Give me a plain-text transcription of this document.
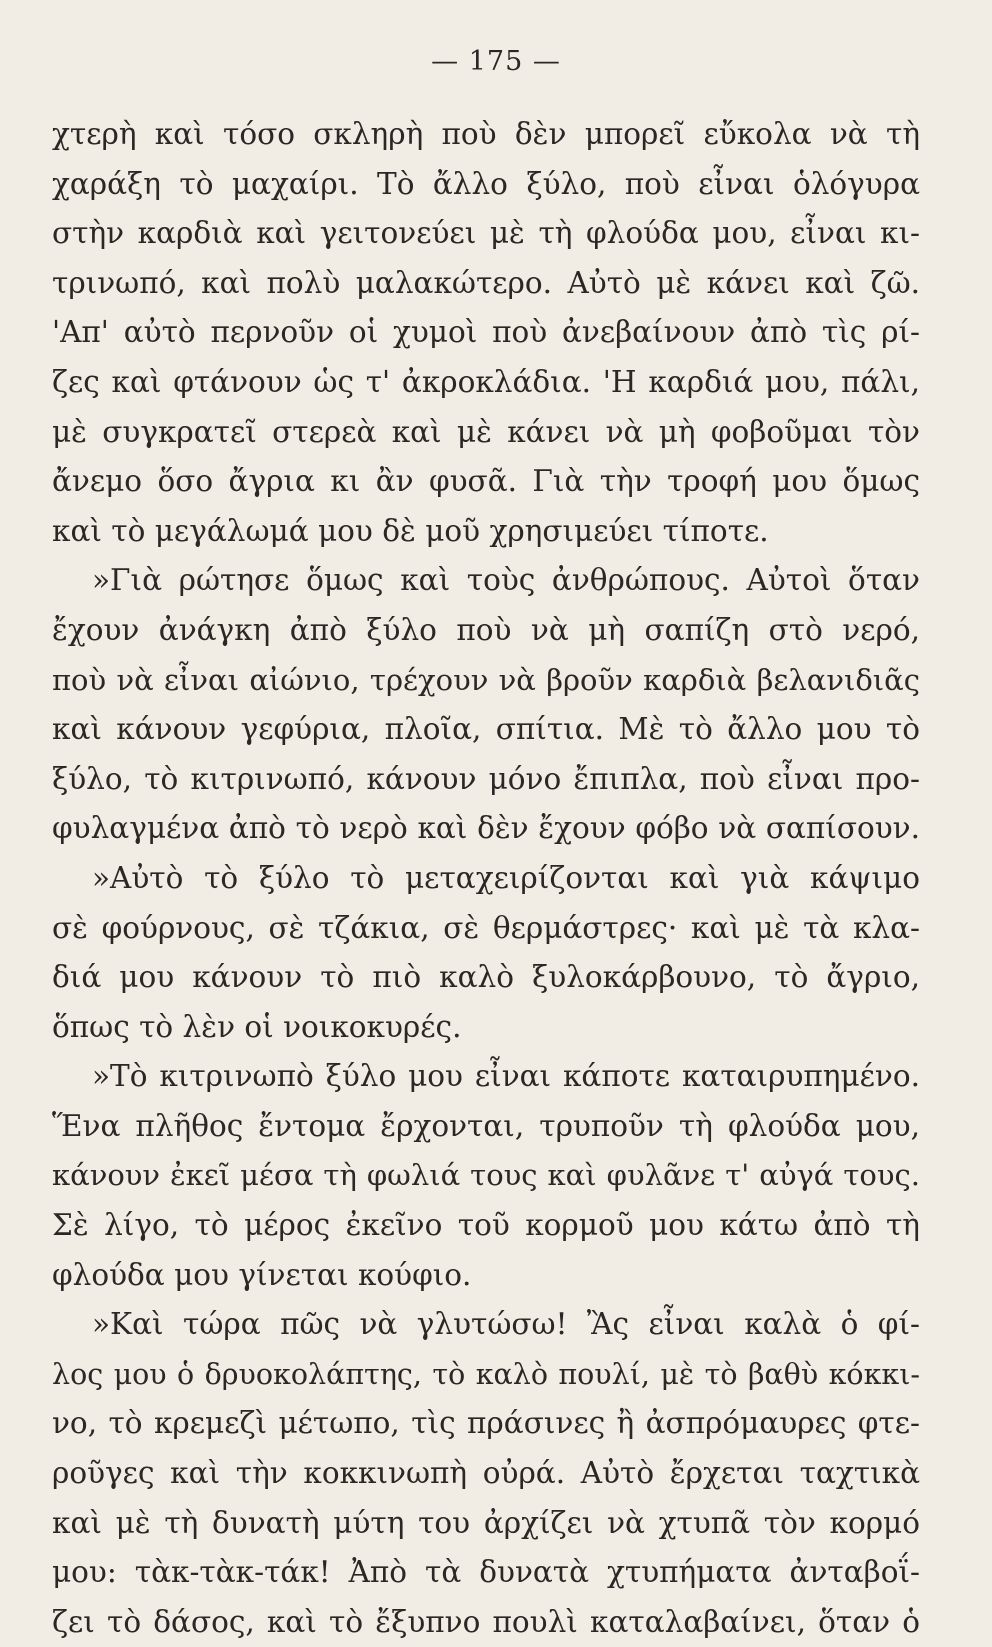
— 175 —
χτερὴ καὶ τόσο σκληρὴ ποὺ δὲν μπορεῖ εὔκολα νὰ τὴ
χαράξη τὸ μαχαίρι. Τὸ ἄλλο ξύλο, ποὺ εἶναι ὁλόγυρα
στὴν καρδιὰ καὶ γειτονεύει μὲ τὴ φλούδα μου, εἶναι κι-
τρινωπό, καὶ πολὺ μαλακώτερο. Αὐτὸ μὲ κάνει καὶ ζῶ.
'Απ' αὐτὸ περνοῦν οἱ χυμοὶ ποὺ ἀνεβαίνουν ἀπὸ τὶς ρί-
ζες καὶ φτάνουν ὡς τ' ἀκροκλάδια. 'Η καρδιά μου, πάλι,
μὲ συγκρατεῖ στερεὰ καὶ μὲ κάνει νὰ μὴ φοβοῦμαι τὸν
ἄνεμο ὅσο ἄγρια κι ἂν φυσᾶ. Γιὰ τὴν τροφή μου ὅμως
καὶ τὸ μεγάλωμά μου δὲ μοῦ χρησιμεύει τίποτε.
»Γιὰ ρώτησε ὅμως καὶ τοὺς ἀνθρώπους. Αὐτοὶ ὅταν
ἔχουν ἀνάγκη ἀπὸ ξύλο ποὺ νὰ μὴ σαπίζη στὸ νερό,
ποὺ νὰ εἶναι αἰώνιο, τρέχουν νὰ βροῦν καρδιὰ βελανιδιᾶς
καὶ κάνουν γεφύρια, πλοῖα, σπίτια. Μὲ τὸ ἄλλο μου τὸ
ξύλο, τὸ κιτρινωπό, κάνουν μόνο ἔπιπλα, ποὺ εἶναι προ-
φυλαγμένα ἀπὸ τὸ νερὸ καὶ δὲν ἔχουν φόβο νὰ σαπίσουν.
»Αὐτὸ τὸ ξύλο τὸ μεταχειρίζονται καὶ γιὰ κάψιμο
σὲ φούρνους, σὲ τζάκια, σὲ θερμάστρες· καὶ μὲ τὰ κλα-
διά μου κάνουν τὸ πιὸ καλὸ ξυλοκάρβουνο, τὸ ἄγριο,
ὅπως τὸ λὲν οἱ νοικοκυρές.
»Τὸ κιτρινωπὸ ξύλο μου εἶναι κάποτε καταιρυπημένο.
Ἕνα πλῆθος ἔντομα ἔρχονται, τρυποῦν τὴ φλούδα μου,
κάνουν ἐκεῖ μέσα τὴ φωλιά τους καὶ φυλᾶνε τ' αὐγά τους.
Σὲ λίγο, τὸ μέρος ἐκεῖνο τοῦ κορμοῦ μου κάτω ἀπὸ τὴ
φλούδα μου γίνεται κούφιο.
»Καὶ τώρα πῶς νὰ γλυτώσω! Ἂς εἶναι καλὰ ὁ φί-
λος μου ὁ δρυοκολάπτης, τὸ καλὸ πουλί, μὲ τὸ βαθὺ κόκκι-
νο, τὸ κρεμεζὶ μέτωπο, τὶς πράσινες ἢ ἀσπρόμαυρες φτε-
ροῦγες καὶ τὴν κοκκινωπὴ οὐρά. Αὐτὸ ἔρχεται ταχτικὰ
καὶ μὲ τὴ δυνατὴ μύτη του ἀρχίζει νὰ χτυπᾶ τὸν κορμό
μου: τὰκ-τὰκ-τάκ! Ἀπὸ τὰ δυνατὰ χτυπήματα ἀνταβοΐ-
ζει τὸ δάσος, καὶ τὸ ἔξυπνο πουλὶ καταλαβαίνει, ὅταν ὁ
